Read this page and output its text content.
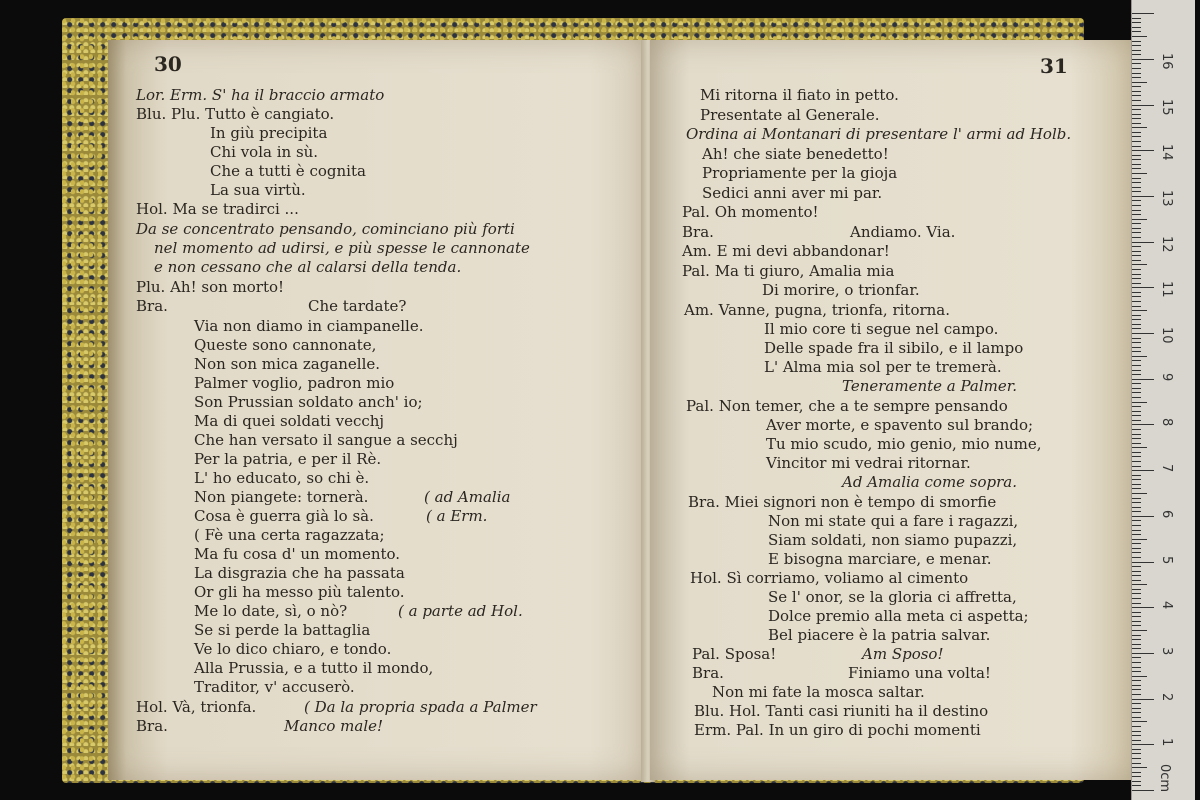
30
Lor. Erm. S' ha il braccio armato
Blu. Plu. Tutto è cangiato.
In giù precipita
Chi vola in sù.
Che a tutti è cognita
La sua virtù.
Hol. Ma se tradirci ...
Da se concentrato pensando, cominciano più forti
nel momento ad udirsi, e più spesse le cannonate
e non cessano che al calarsi della tenda.
Plu. Ah! son morto!
Bra.	Che tardate?
Via non diamo in ciampanelle.
Queste sono cannonate,
Non son mica zaganelle.
Palmer voglio, padron mio
Son Prussian soldato anch' io;
Ma di quei soldati vecchj
Che han versato il sangue a secchj
Per la patria, e per il Rè.
L' ho educato, so chi è.
Non piangete: tornerà.	( ad Amalia
Cosa è guerra già lo sà.	( a Erm.
( Fè una certa ragazzata;
Ma fu cosa d' un momento.
La disgrazia che ha passata
Or gli ha messo più talento.
Me lo date, sì, o nò?	( a parte ad Hol.
Se si perde la battaglia
Ve lo dico chiaro, e tondo.
Alla Prussia, e a tutto il mondo,
Traditor, v' accuserò.
Hol. Và, trionfa.	( Da la propria spada a Palmer
Bra.	Manco male!
31
Mi ritorna il fiato in petto.
Presentate al Generale.
Ordina ai Montanari di presentare l' armi ad Holb.
Ah! che siate benedetto!
Propriamente per la gioja
Sedici anni aver mi par.
Pal. Oh momento!
Bra.	Andiamo. Via.
Am. E mi devi abbandonar!
Pal. Ma ti giuro, Amalia mia
Di morire, o trionfar.
Am. Vanne, pugna, trionfa, ritorna.
Il mio core ti segue nel campo.
Delle spade fra il sibilo, e il lampo
L' Alma mia sol per te tremerà.
Teneramente a Palmer.
Pal. Non temer, che a te sempre pensando
Aver morte, e spavento sul brando;
Tu mio scudo, mio genio, mio nume,
Vincitor mi vedrai ritornar.
Ad Amalia come sopra.
Bra. Miei signori non è tempo di smorfie
Non mi state qui a fare i ragazzi,
Siam soldati, non siamo pupazzi,
E bisogna marciare, e menar.
Hol. Sì corriamo, voliamo al cimento
Se l' onor, se la gloria ci affretta,
Dolce premio alla meta ci aspetta;
Bel piacere è la patria salvar.
Pal. Sposa!	Am Sposo!
Bra.	Finiamo una volta!
Non mi fate la mosca saltar.
Blu. Hol. Tanti casi riuniti ha il destino
Erm. Pal. In un giro di pochi momenti
0cm
1
2
3
4
5
6
7
8
9
10
11
12
13
14
15
16
